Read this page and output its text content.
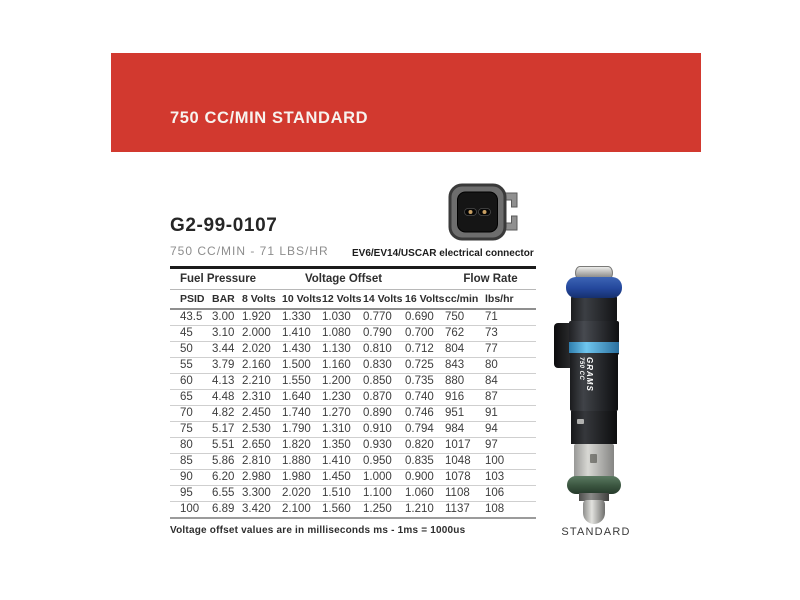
750 CC/MIN STANDARD
G2-99-0107
750 CC/MIN - 71 LBS/HR EV6/EV14/USCAR electrical connector
Fuel Pressure		Voltage Offset					Flow Rate	
PSID	BAR	8 Volts	10 Volts	12 Volts	14 Volts	16 Volts	cc/min	lbs/hr
43.5	3.00	1.920	1.330	1.030	0.770	0.690	750	71
45	3.10	2.000	1.410	1.080	0.790	0.700	762	73
50	3.44	2.020	1.430	1.130	0.810	0.712	804	77
55	3.79	2.160	1.500	1.160	0.830	0.725	843	80
60	4.13	2.210	1.550	1.200	0.850	0.735	880	84
65	4.48	2.310	1.640	1.230	0.870	0.740	916	87
70	4.82	2.450	1.740	1.270	0.890	0.746	951	91
75	5.17	2.530	1.790	1.310	0.910	0.794	984	94
80	5.51	2.650	1.820	1.350	0.930	0.820	1017	97
85	5.86	2.810	1.880	1.410	0.950	0.835	1048	100
90	6.20	2.980	1.980	1.450	1.000	0.900	1078	103
95	6.55	3.300	2.020	1.510	1.100	1.060	1108	106
100	6.89	3.420	2.100	1.560	1.250	1.210	1137	108
Voltage offset values are in milliseconds ms - 1ms = 1000us
GRAMS
750 CC
STANDARD
